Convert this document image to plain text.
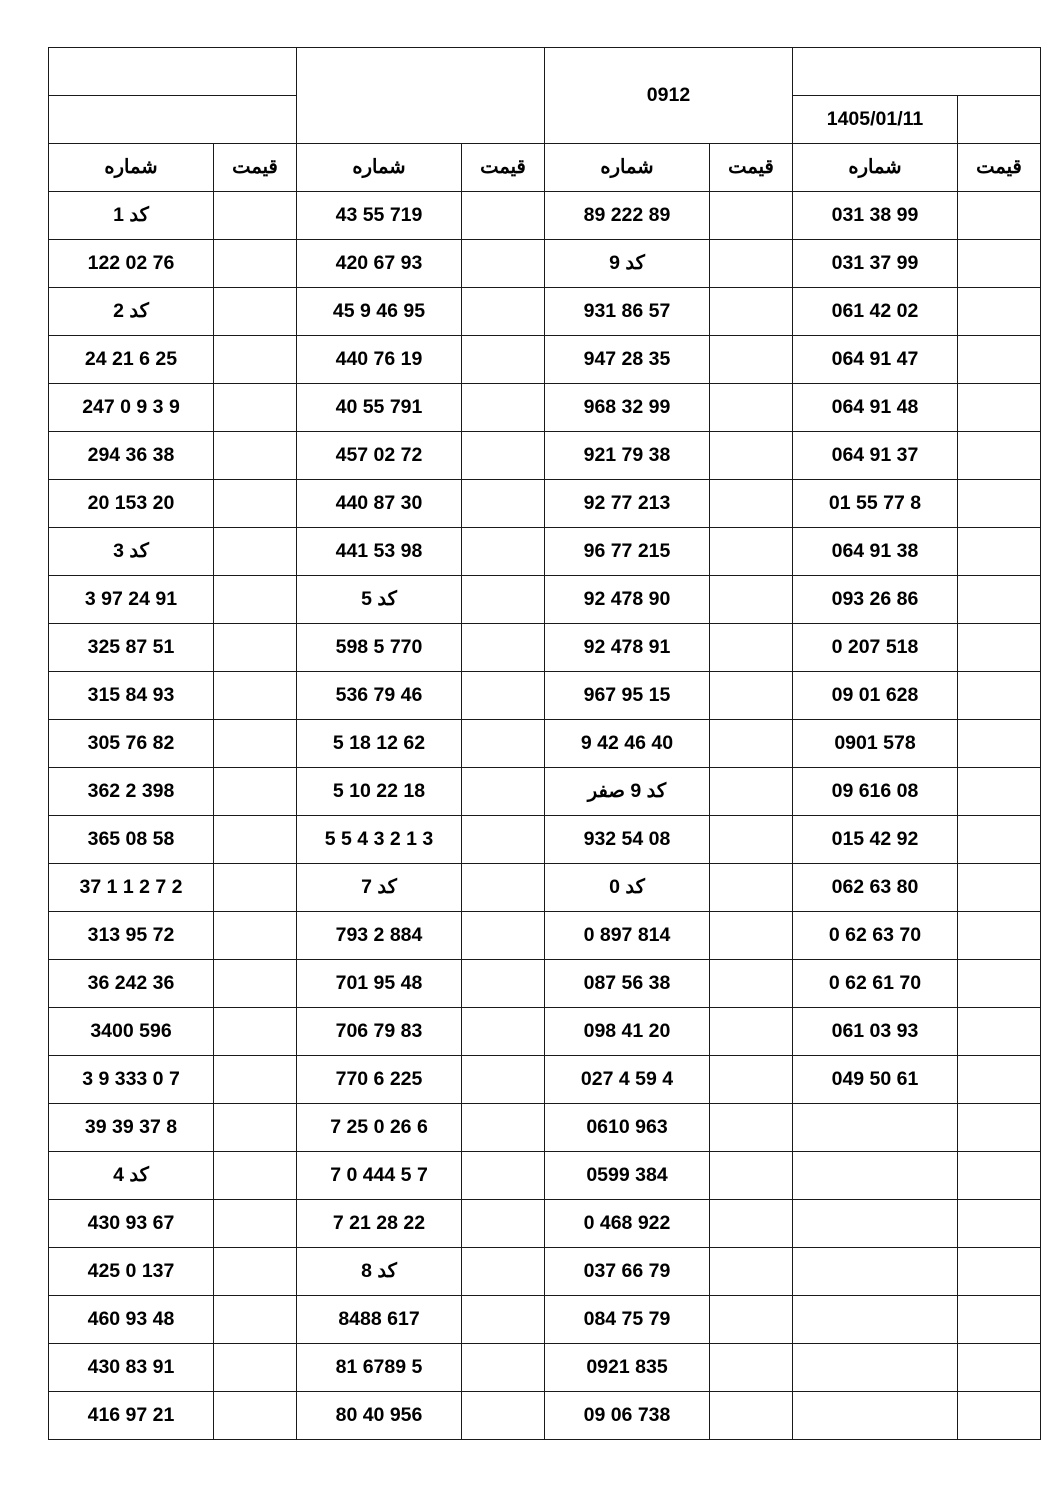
				0912			
						1405/01/11	
شماره	قیمت	شماره	قیمت	شماره	قیمت	شماره	قیمت
کد 1		43 55 719		89 222 89		031 38 99	
122 02 76		420 67 93		کد 9		031 37 99	
کد 2		45 9 46 95		931 86 57		061 42 02	
24 21 6 25		440 76 19		947 28 35		064 91 47	
247 0 9 3 9		40 55 791		968 32 99		064 91 48	
294 36 38		457 02 72		921 79 38		064 91 37	
20 153 20		440 87 30		92 77 213		01 55 77 8	
کد 3		441 53 98		96 77 215		064 91 38	
3 97 24 91		کد 5		92 478 90		093 26 86	
325 87 51		598 5 770		92 478 91		0 207 518	
315 84 93		536 79 46		967 95 15		09 01 628	
305 76 82		5 18 12 62		9 42 46 40		0901 578	
362 2 398		5 10 22 18		کد 9 صفر		09 616 08	
365 08 58		5 5 4 3 2 1 3		932 54 08		015 42 92	
37 1 1 2 7 2		کد 7		کد 0		062 63 80	
313 95 72		793 2 884		0 897 814		0 62 63 70	
36 242 36		701 95 48		087 56 38		0 62 61 70	
3400 596		706 79 83		098 41 20		061 03 93	
3 9 333 0 7		770 6 225		027 4 59 4		049 50 61	
39 39 37 8		7 25 0 26 6		0610 963			
کد 4		7 0 444 5 7		0599 384			
430 93 67		7 21 28 22		0 468 922			
425 0 137		کد 8		037 66 79			
460 93 48		8488 617		084 75 79			
430 83 91		81 6789 5		0921 835			
416 97 21		80 40 956		09 06 738			
